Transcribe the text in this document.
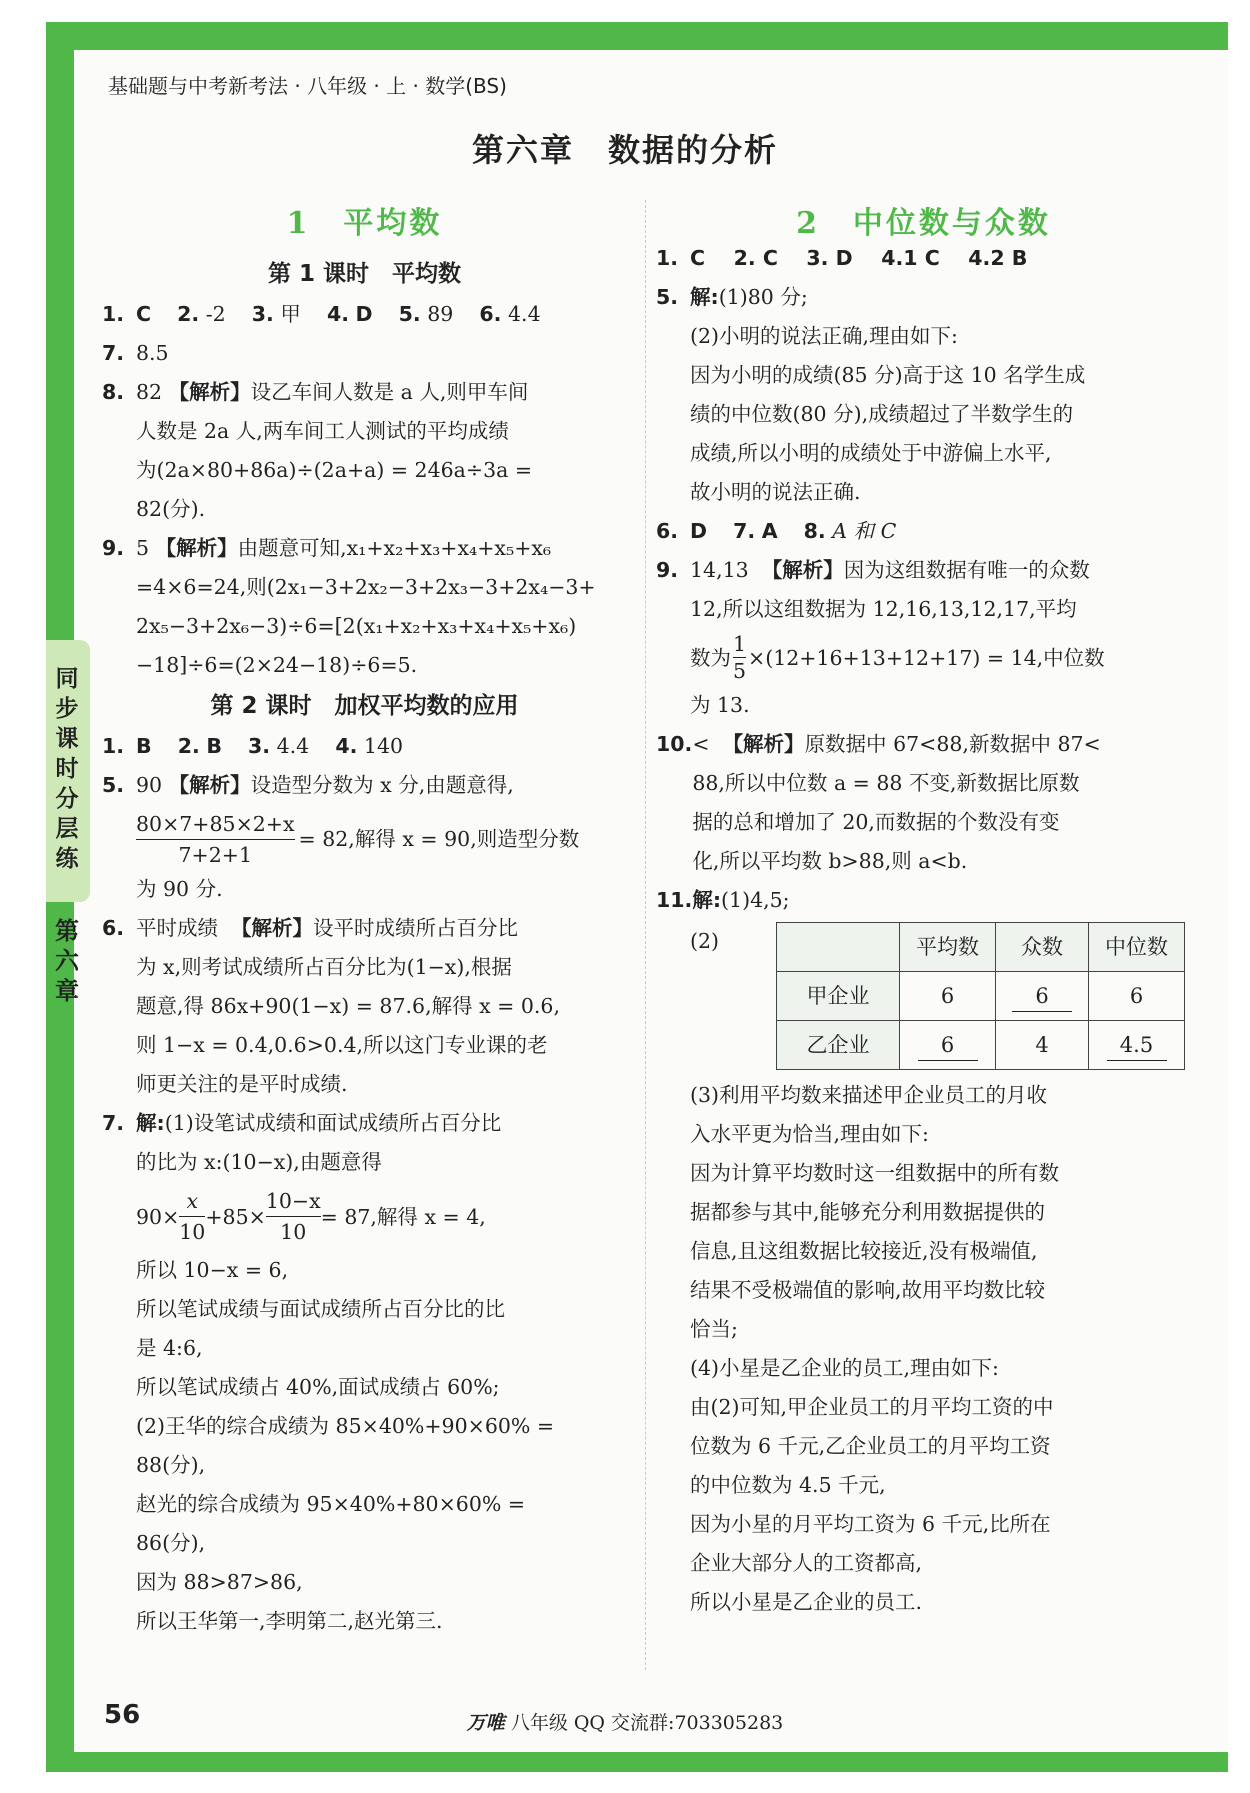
基础题与中考新考法 · 八年级 · 上 · 数学(BS)
第六章　数据的分析
同步课时分层练
第六章
1　平均数
第 1 课时　平均数
1. C 2. -2 3. 甲 4. D 5. 89 6. 4.4
7. 8.5
8. 82 【解析】设乙车间人数是 a 人,则甲车间
人数是 2a 人,两车间工人测试的平均成绩
为(2a×80+86a)÷(2a+a) = 246a÷3a =
82(分).
9. 5 【解析】由题意可知,x₁+x₂+x₃+x₄+x₅+x₆
=4×6=24,则(2x₁−3+2x₂−3+2x₃−3+2x₄−3+
2x₅−3+2x₆−3)÷6=[2(x₁+x₂+x₃+x₄+x₅+x₆)
−18]÷6=(2×24−18)÷6=5.
第 2 课时　加权平均数的应用
1. B 2. B 3. 4.4 4. 140
5. 90 【解析】设造型分数为 x 分,由题意得,

$\frac{80\times 7+85\times 2+x}{7+2+1} = 82$,解得 x = 90,则造型分数

为 90 分.
6. 平时成绩 【解析】设平时成绩所占百分比
为 x,则考试成绩所占百分比为(1−x),根据
题意,得 86x+90(1−x) = 87.6,解得 x = 0.6,
则 1−x = 0.4,0.6>0.4,所以这门专业课的老
师更关注的是平时成绩.
7. 解:(1)设笔试成绩和面试成绩所占百分比
的比为 x:(10−x),由题意得

$90\times \frac{x}{10} +85\times \frac{10-x}{10} = 87$,解得 x = 4,

所以 10−x = 6,
所以笔试成绩与面试成绩所占百分比的比
是 4:6,
所以笔试成绩占 40%,面试成绩占 60%;
(2)王华的综合成绩为 85×40%+90×60% =
88(分),
赵光的综合成绩为 95×40%+80×60% =
86(分),
因为 88>87>86,
所以王华第一,李明第二,赵光第三.
2　中位数与众数
1. C 2. C 3. D 4.1 C 4.2 B
5. 解:(1)80 分;
(2)小明的说法正确,理由如下:
因为小明的成绩(85 分)高于这 10 名学生成
绩的中位数(80 分),成绩超过了半数学生的
成绩,所以小明的成绩处于中游偏上水平,
故小明的说法正确.
6. D 7. A 8. A 和 C
9. 14,13 【解析】因为这组数据有唯一的众数
12,所以这组数据为 12,16,13,12,17,平均

数为 $\frac{1}{5} \times(12+16+13+12+17) = 14$,中位数

为 13.
10. < 【解析】原数据中 67<88,新数据中 87<
88,所以中位数 a = 88 不变,新数据比原数
据的总和增加了 20,而数据的个数没有变
化,所以平均数 b>88,则 a<b.
11. 解:(1)4,5;
(2)
		平均数	众数	中位数
甲企业	6	6	6
乙企业	6	4	4.5
(3)利用平均数来描述甲企业员工的月收
入水平更为恰当,理由如下:
因为计算平均数时这一组数据中的所有数
据都参与其中,能够充分利用数据提供的
信息,且这组数据比较接近,没有极端值,
结果不受极端值的影响,故用平均数比较
恰当;
(4)小星是乙企业的员工,理由如下:
由(2)可知,甲企业员工的月平均工资的中
位数为 6 千元,乙企业员工的月平均工资
的中位数为 4.5 千元,
因为小星的月平均工资为 6 千元,比所在
企业大部分人的工资都高,
所以小星是乙企业的员工.
56	万唯 八年级 QQ 交流群:703305283
